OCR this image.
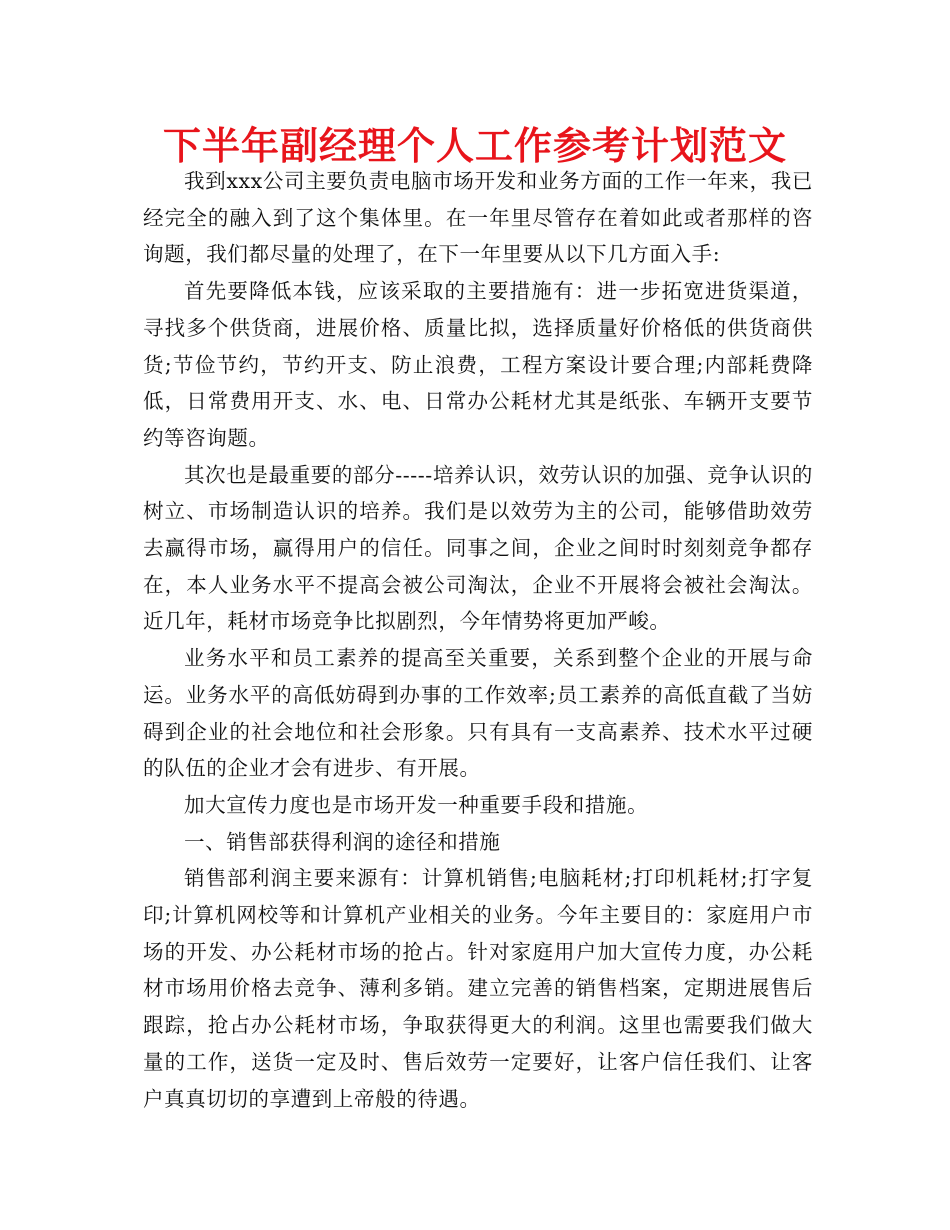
下半年副经理个人工作参考计划范文

我到xxx公司主要负责电脑市场开发和业务方面的工作一年来，我已经完全的融入到了这个集体里。在一年里尽管存在着如此或者那样的咨询题，我们都尽量的处理了，在下一年里要从以下几方面入手:

首先要降低本钱，应该采取的主要措施有：进一步拓宽进货渠道，寻找多个供货商，进展价格、质量比拟，选择质量好价格低的供货商供货;节俭节约，节约开支、防止浪费，工程方案设计要合理;内部耗费降低，日常费用开支、水、电、日常办公耗材尤其是纸张、车辆开支要节约等咨询题。

其次也是最重要的部分-----培养认识，效劳认识的加强、竞争认识的树立、市场制造认识的培养。我们是以效劳为主的公司，能够借助效劳去赢得市场，赢得用户的信任。同事之间，企业之间时时刻刻竞争都存在，本人业务水平不提高会被公司淘汰，企业不开展将会被社会淘汰。近几年，耗材市场竞争比拟剧烈，今年情势将更加严峻。

业务水平和员工素养的提高至关重要，关系到整个企业的开展与命运。业务水平的高低妨碍到办事的工作效率;员工素养的高低直截了当妨碍到企业的社会地位和社会形象。只有具有一支高素养、技术水平过硬的队伍的企业才会有进步、有开展。

加大宣传力度也是市场开发一种重要手段和措施。

一、销售部获得利润的途径和措施

销售部利润主要来源有：计算机销售;电脑耗材;打印机耗材;打字复印;计算机网校等和计算机产业相关的业务。今年主要目的：家庭用户市场的开发、办公耗材市场的抢占。针对家庭用户加大宣传力度，办公耗材市场用价格去竞争、薄利多销。建立完善的销售档案，定期进展售后跟踪，抢占办公耗材市场，争取获得更大的利润。这里也需要我们做大量的工作，送货一定及时、售后效劳一定要好，让客户信任我们、让客户真真切切的享遭到上帝般的待遇。
